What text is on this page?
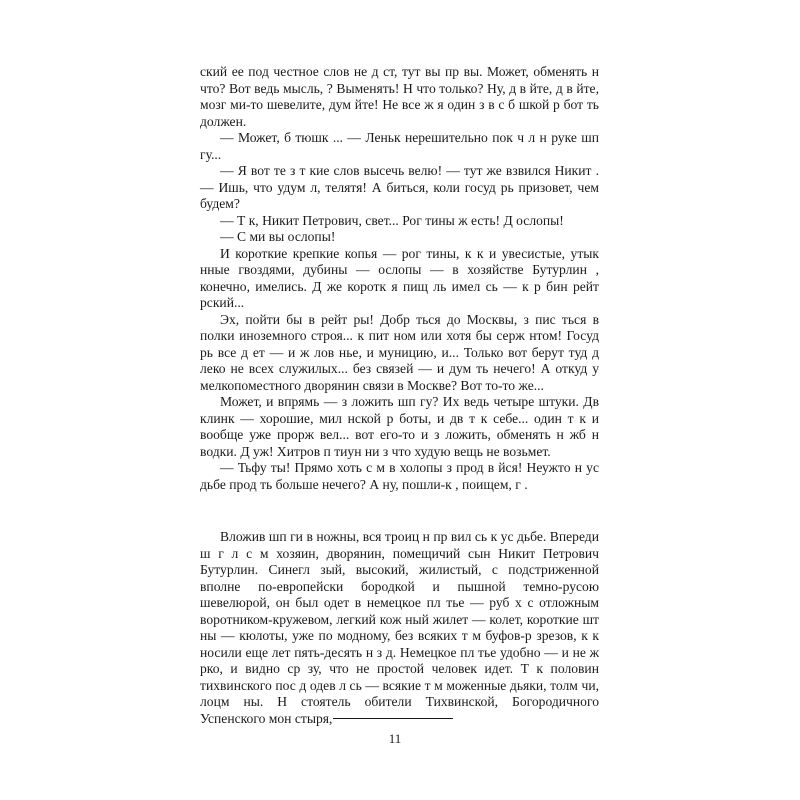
ский ее под честное слов не д ст, тут вы пр вы. Может, обменять н что? Вот ведь мысль, ? Выменять! Н что только? Ну, д в йте, д в йте, мозг ми-то шевелите, дум йте! Не все ж я один з в с б шкой р бот ть должен.

— Может, б тюшк ... — Леньк нерешительно пок ч л н руке шп гу...

— Я вот те з т кие слов высечь велю! — тут же взвился Никит . — Ишь, что удум л, телятя! А биться, коли госуд рь призовет, чем будем?

— Т к, Никит Петрович, свет... Рог тины ж есть! Д ослопы!

— С ми вы ослопы!

И короткие крепкие копья — рог тины, к к и увесистые, утык нные гвоздями, дубины — ослопы — в хозяйстве Бутурлин , конечно, имелись. Д же коротк я пищ ль имел сь — к р бин рейт рский...

Эх, пойти бы в рейт ры! Добр ться до Москвы, з пис ться в полки иноземного строя... к пит ном или хотя бы серж нтом! Госуд рь все д ет — и ж лов нье, и муницию, и... Только вот берут туд д леко не всех служилых... без связей — и дум ть нечего! А откуд у мелкопоместного дворянин связи в Москве? Вот то-то же...

Может, и впрямь — з ложить шп гу? Их ведь четыре штуки. Дв клинк — хорошие, мил нской р боты, и дв т к себе... один т к и вообще уже прорж вел... вот его-то и з ложить, обменять н жб н водки. Д уж! Хитров п тиун ни з что худую вещь не возьмет.

— Тьфу ты! Прямо хоть с м в холопы з прод в йся! Неужто н ус дьбе прод ть больше нечего? А ну, пошли-к , поищем, г .

Вложив шп ги в ножны, вся троиц н пр вил сь к ус дьбе. Впереди ш г л с м хозяин, дворянин, помещичий сын Никит Петрович Бутурлин. Синегл зый, высокий, жилистый, с подстриженной вполне по-европейски бородкой и пышной темно-русою шевелюрой, он был одет в немецкое пл тье — руб х с отложным воротником-кружевом, легкий кож ный жилет — колет, короткие шт ны — кюлоты, уже по модному, без всяких т м буфов-р зрезов, к к носили еще лет пять-десять н з д. Немецкое пл тье удобно — и не ж рко, и видно ср зу, что не простой человек идет. Т к половин тихвинского пос д одев л сь — всякие т м моженные дьяки, толм чи, лоцм ны. Н стоятель обители Тихвинской, Богородичного Успенского мон стыря,

11
